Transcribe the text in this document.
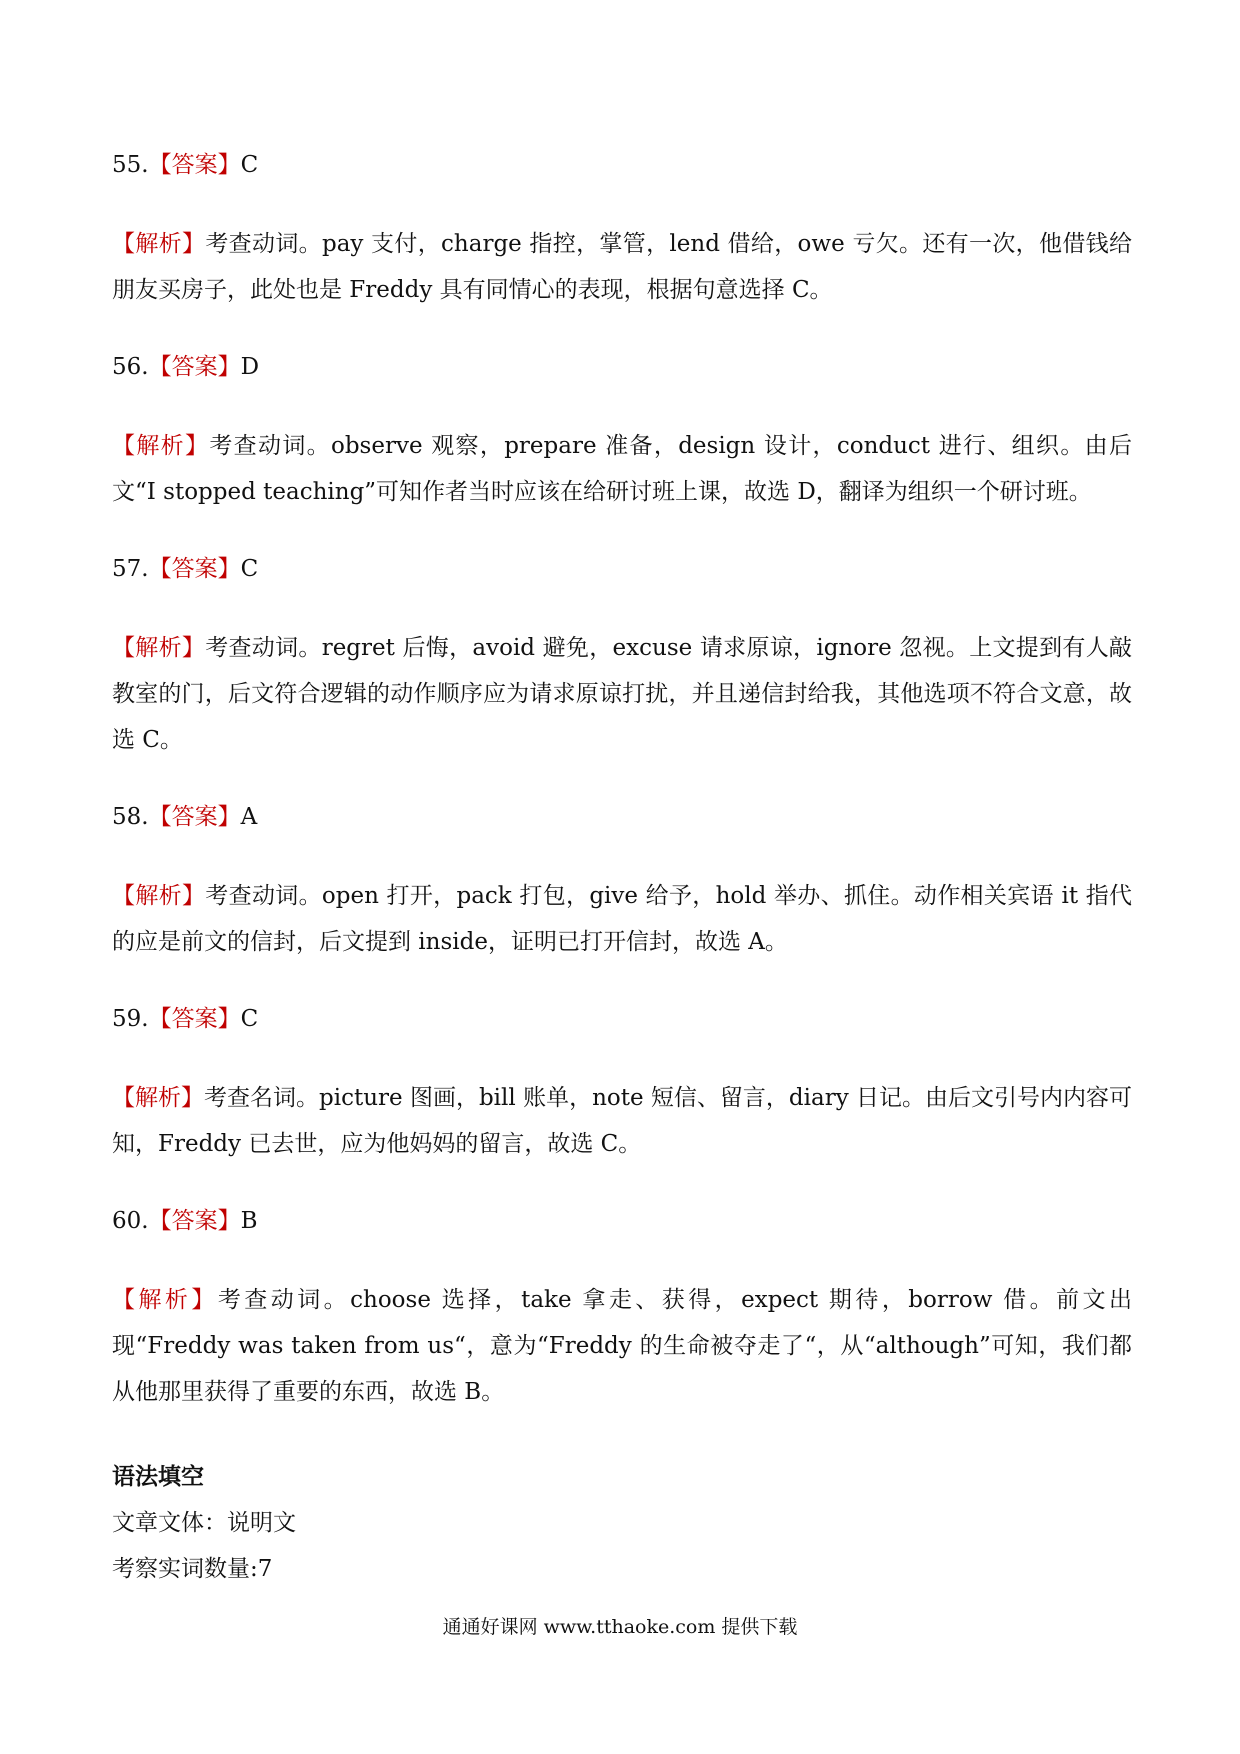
55.【答案】C

【解析】考查动词。pay 支付，charge 指控，掌管，lend 借给，owe 亏欠。还有一次，他借钱给朋友买房子，此处也是 Freddy 具有同情心的表现，根据句意选择 C。

56.【答案】D

【解析】考查动词。observe 观察，prepare 准备，design 设计，conduct 进行、组织。由后文“I stopped teaching”可知作者当时应该在给研讨班上课，故选 D，翻译为组织一个研讨班。

57.【答案】C

【解析】考查动词。regret 后悔，avoid 避免，excuse 请求原谅，ignore 忽视。上文提到有人敲教室的门，后文符合逻辑的动作顺序应为请求原谅打扰，并且递信封给我，其他选项不符合文意，故选 C。

58.【答案】A

【解析】考查动词。open 打开，pack 打包，give 给予，hold 举办、抓住。动作相关宾语 it 指代的应是前文的信封，后文提到 inside，证明已打开信封，故选 A。

59.【答案】C

【解析】考查名词。picture 图画，bill 账单，note 短信、留言，diary 日记。由后文引号内内容可知，Freddy 已去世，应为他妈妈的留言，故选 C。

60.【答案】B

【解析】考查动词。choose 选择，take 拿走、获得，expect 期待，borrow 借。前文出现“Freddy was taken from us“，意为“Freddy 的生命被夺走了“，从“although”可知，我们都从他那里获得了重要的东西，故选 B。

语法填空

文章文体：说明文

考察实词数量:7

通通好课网 www.tthaoke.com 提供下载
